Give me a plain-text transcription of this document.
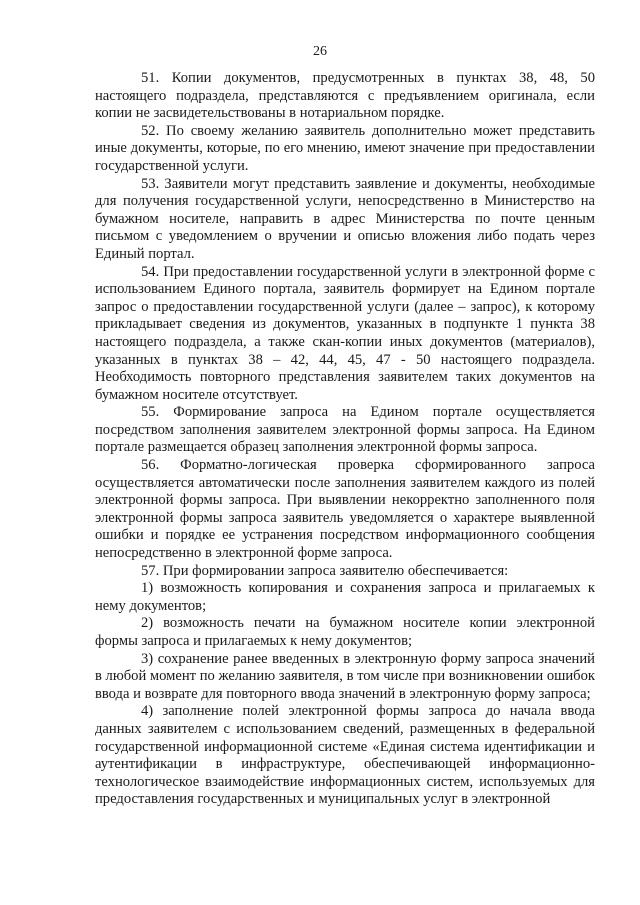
26

51. Копии документов, предусмотренных в пунктах 38, 48, 50 настоящего подраздела, представляются с предъявлением оригинала, если копии не засвидетельствованы в нотариальном порядке.

52. По своему желанию заявитель дополнительно может представить иные документы, которые, по его мнению, имеют значение при предоставлении государственной услуги.

53. Заявители могут представить заявление и документы, необходимые для получения государственной услуги, непосредственно в Министерство на бумажном носителе, направить в адрес Министерства по почте ценным письмом с уведомлением о вручении и описью вложения либо подать через Единый портал.

54. При предоставлении государственной услуги в электронной форме с использованием Единого портала, заявитель формирует на Едином портале запрос о предоставлении государственной услуги (далее – запрос), к которому прикладывает сведения из документов, указанных в подпункте 1 пункта 38 настоящего подраздела, а также скан-копии иных документов (материалов), указанных в пунктах 38 – 42, 44, 45, 47 - 50 настоящего подраздела. Необходимость повторного представления заявителем таких документов на бумажном носителе отсутствует.

55. Формирование запроса на Едином портале осуществляется посредством заполнения заявителем электронной формы запроса. На Едином портале размещается образец заполнения электронной формы запроса.

56. Форматно-логическая проверка сформированного запроса осуществляется автоматически после заполнения заявителем каждого из полей электронной формы запроса. При выявлении некорректно заполненного поля электронной формы запроса заявитель уведомляется о характере выявленной ошибки и порядке ее устранения посредством информационного сообщения непосредственно в электронной форме запроса.

57. При формировании запроса заявителю обеспечивается:

1) возможность копирования и сохранения запроса и прилагаемых к нему документов;

2) возможность печати на бумажном носителе копии электронной формы запроса и прилагаемых к нему документов;

3) сохранение ранее введенных в электронную форму запроса значений в любой момент по желанию заявителя, в том числе при возникновении ошибок ввода и возврате для повторного ввода значений в электронную форму запроса;

4) заполнение полей электронной формы запроса до начала ввода данных заявителем с использованием сведений, размещенных в федеральной государственной информационной системе «Единая система идентификации и аутентификации в инфраструктуре, обеспечивающей информационно-технологическое взаимодействие информационных систем, используемых для предоставления государственных и муниципальных услуг в электронной
